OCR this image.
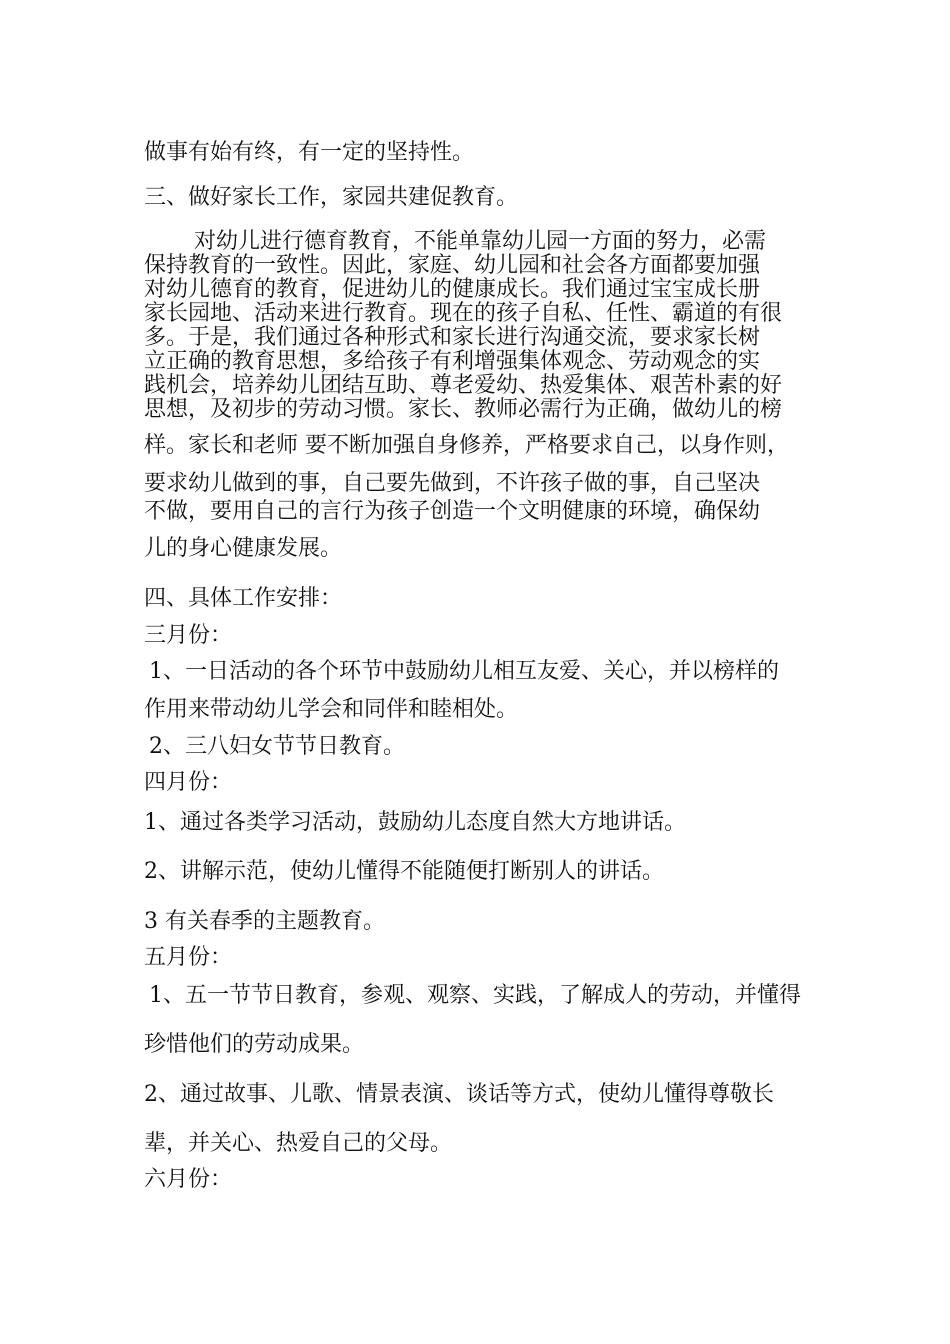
做事有始有终，有一定的坚持性。

三、做好家长工作，家园共建促教育。

对幼儿进行德育教育，不能单靠幼儿园一方面的努力，必需

保持教育的一致性。因此，家庭、幼儿园和社会各方面都要加强

对幼儿德育的教育，促进幼儿的健康成长。我们通过宝宝成长册

家长园地、活动来进行教育。现在的孩子自私、任性、霸道的有很

多。于是，我们通过各种形式和家长进行沟通交流，要求家长树

立正确的教育思想，多给孩子有利增强集体观念、劳动观念的实

践机会，培养幼儿团结互助、尊老爱幼、热爱集体、艰苦朴素的好

思想，及初步的劳动习惯。家长、教师必需行为正确，做幼儿的榜

样。家长和老师 要不断加强自身修养，严格要求自己，以身作则，

要求幼儿做到的事，自己要先做到，不许孩子做的事，自己坚决

不做，要用自己的言行为孩子创造一个文明健康的环境，确保幼

儿的身心健康发展。

四、具体工作安排：

三月份：

1、一日活动的各个环节中鼓励幼儿相互友爱、关心，并以榜样的

作用来带动幼儿学会和同伴和睦相处。

2、三八妇女节节日教育。

四月份：

1、通过各类学习活动，鼓励幼儿态度自然大方地讲话。

2、讲解示范，使幼儿懂得不能随便打断别人的讲话。

3 有关春季的主题教育。

五月份：

1、五一节节日教育，参观、观察、实践，了解成人的劳动，并懂得

珍惜他们的劳动成果。

2、通过故事、儿歌、情景表演、谈话等方式，使幼儿懂得尊敬长

辈，并关心、热爱自己的父母。

六月份：
